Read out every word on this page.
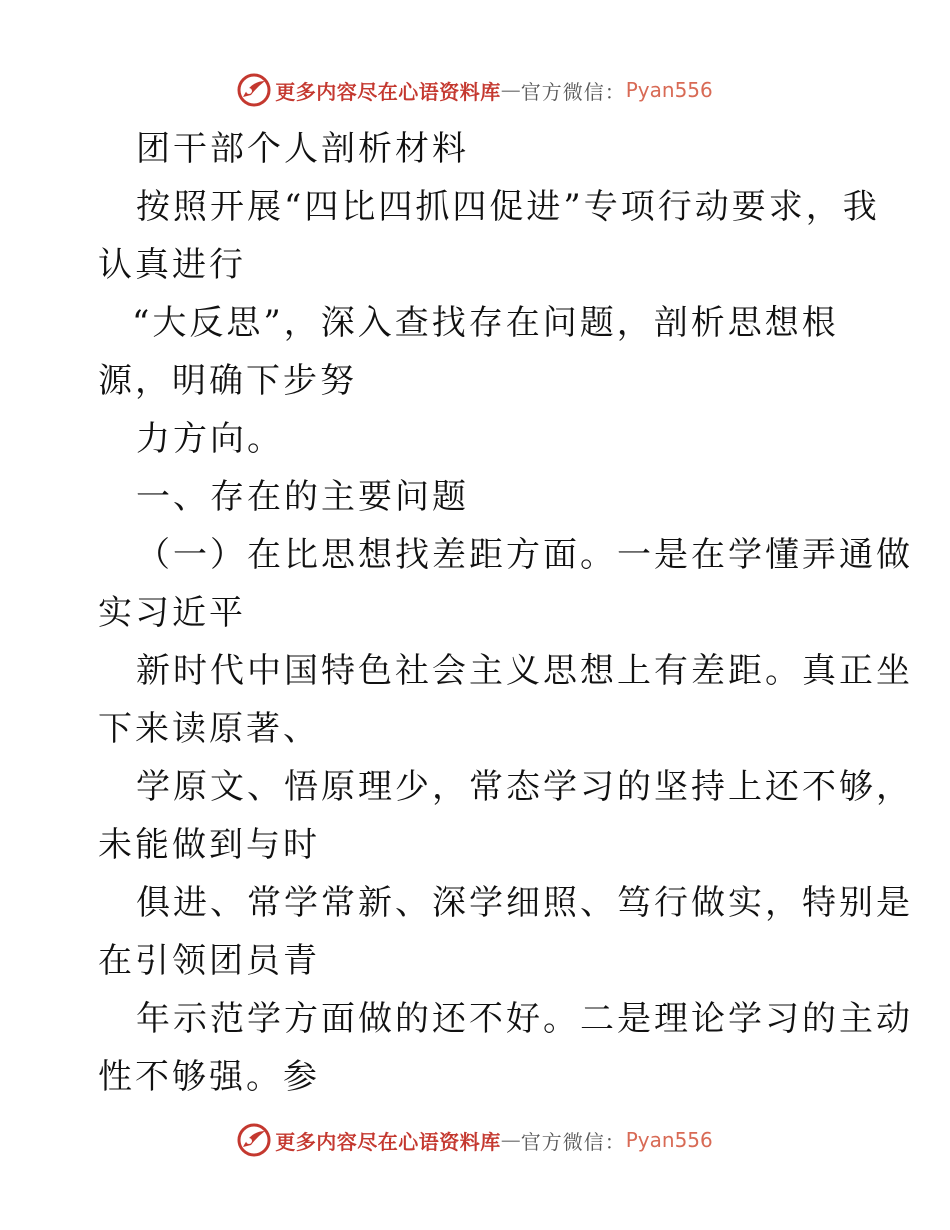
更多内容尽在心语资料库 — 官方微信： Pyan556
团干部个人剖析材料
按照开展“四比四抓四促进”专项行动要求，我
认真进行
“大反思”，深入查找存在问题，剖析思想根
源，明确下步努
力方向。
一、存在的主要问题
（一）在比思想找差距方面。一是在学懂弄通做
实习近平
新时代中国特色社会主义思想上有差距。真正坐
下来读原著、
学原文、悟原理少，常态学习的坚持上还不够，
未能做到与时
俱进、常学常新、深学细照、笃行做实，特别是
在引领团员青
年示范学方面做的还不好。二是理论学习的主动
性不够强。参
更多内容尽在心语资料库 — 官方微信： Pyan556
